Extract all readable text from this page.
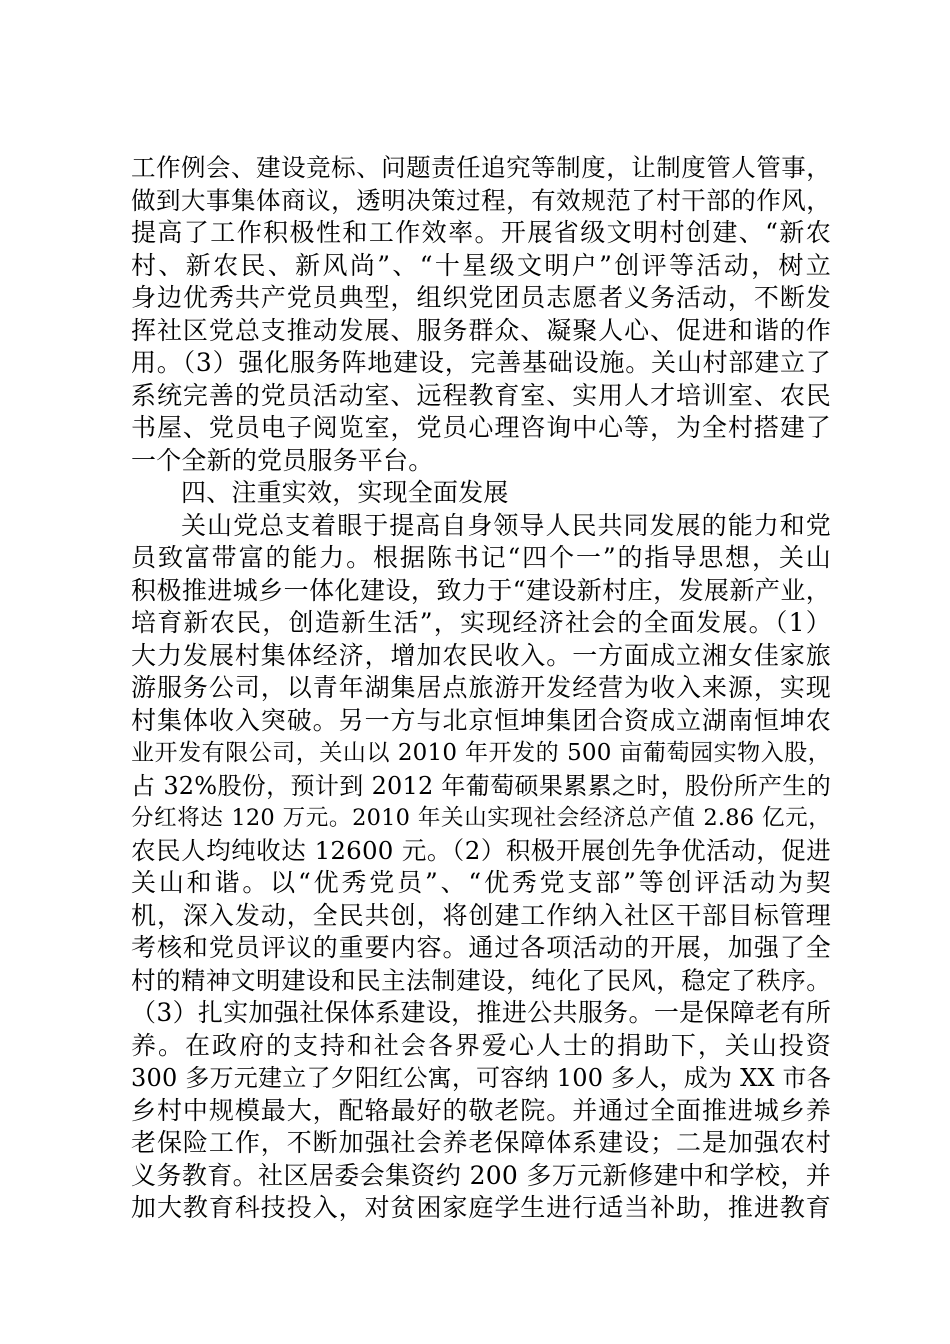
工作例会、建设竞标、问题责任追究等制度，让制度管人管事，
做到大事集体商议，透明决策过程，有效规范了村干部的作风，
提高了工作积极性和工作效率。开展省级文明村创建、“新农
村、新农民、新风尚”、“十星级文明户”创评等活动，树立
身边优秀共产党员典型，组织党团员志愿者义务活动，不断发
挥社区党总支推动发展、服务群众、凝聚人心、促进和谐的作
用。（3）强化服务阵地建设，完善基础设施。关山村部建立了
系统完善的党员活动室、远程教育室、实用人才培训室、农民
书屋、党员电子阅览室，党员心理咨询中心等，为全村搭建了
一个全新的党员服务平台。
四、注重实效，实现全面发展
关山党总支着眼于提高自身领导人民共同发展的能力和党
员致富带富的能力。根据陈书记“四个一”的指导思想，关山
积极推进城乡一体化建设，致力于“建设新村庄，发展新产业，
培育新农民，创造新生活”，实现经济社会的全面发展。（1）
大力发展村集体经济，增加农民收入。一方面成立湘女佳家旅
游服务公司，以青年湖集居点旅游开发经营为收入来源，实现
村集体收入突破。另一方与北京恒坤集团合资成立湖南恒坤农
业开发有限公司，关山以 2010 年开发的 500 亩葡萄园实物入股，
占 32%股份，预计到 2012 年葡萄硕果累累之时，股份所产生的
分红将达 120 万元。2010 年关山实现社会经济总产值 2.86 亿元，
农民人均纯收达 12600 元。（2）积极开展创先争优活动，促进
关山和谐。以“优秀党员”、“优秀党支部”等创评活动为契
机，深入发动，全民共创，将创建工作纳入社区干部目标管理
考核和党员评议的重要内容。通过各项活动的开展，加强了全
村的精神文明建设和民主法制建设，纯化了民风，稳定了秩序。
（3）扎实加强社保体系建设，推进公共服务。一是保障老有所
养。在政府的支持和社会各界爱心人士的捐助下，关山投资
300 多万元建立了夕阳红公寓，可容纳 100 多人，成为 XX 市各
乡村中规模最大，配辂最好的敬老院。并通过全面推进城乡养
老保险工作，不断加强社会养老保障体系建设；二是加强农村
义务教育。社区居委会集资约 200 多万元新修建中和学校，并
加大教育科技投入，对贫困家庭学生进行适当补助，推进教育
